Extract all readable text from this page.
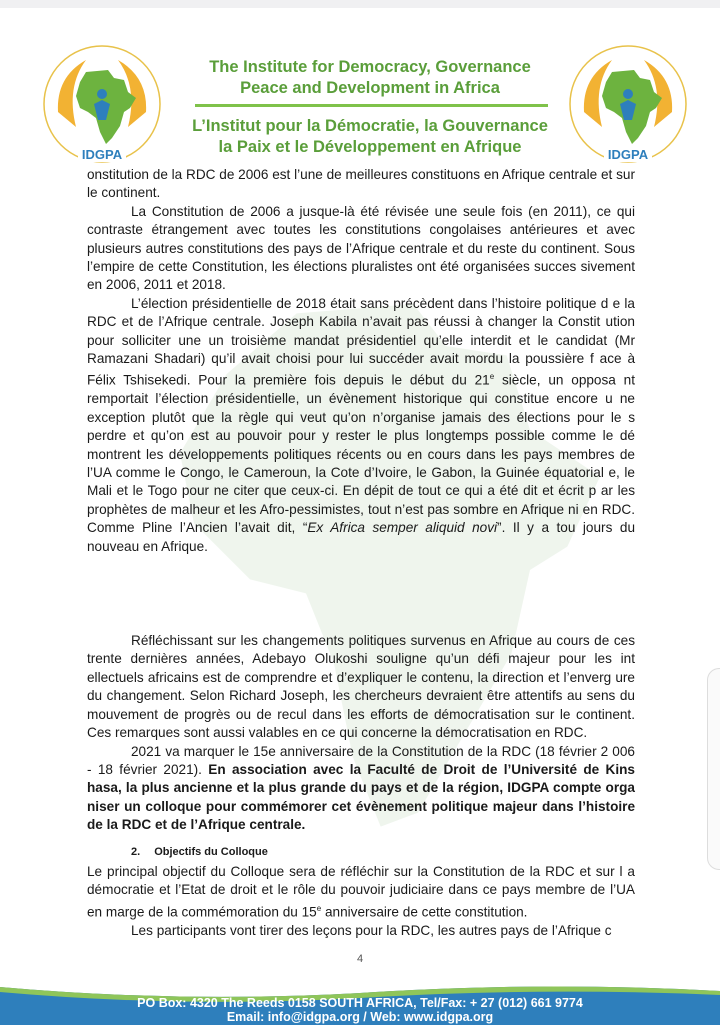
IDGPA	IDGPA
The Institute for Democracy, Governance
Peace and Development in Africa
L’Institut pour la Démocratie, la Gouvernance
la Paix et le Développement en Afrique

onstitution de la RDC de 2006 est l’une de meilleures constituons en Afrique centrale et sur le continent.

La Constitution de 2006 a jusque-là été révisée une seule fois (en 2011), ce qui contraste étrangement avec toutes les constitutions congolaises antérieures et avec plusieurs autres constitutions des pays de l’Afrique centrale et du reste du continent. Sous l’empire de cette Constitution, les élections pluralistes ont été organisées succes sivement en 2006, 2011 et 2018.

L’élection présidentielle de 2018 était sans précèdent dans l’histoire politique d e la RDC et de l’Afrique centrale. Joseph Kabila n’avait pas réussi à changer la Constit ution pour solliciter une un troisième mandat présidentiel qu’elle interdit et le candidat (Mr Ramazani Shadari) qu’il avait choisi pour lui succéder avait mordu la poussière f ace à Félix Tshisekedi. Pour la première fois depuis le début du 21e siècle, un opposa nt remportait l’élection présidentielle, un évènement historique qui constitue encore u ne exception plutôt que la règle qui veut qu’on n’organise jamais des élections pour le s perdre et qu’on est au pouvoir pour y rester le plus longtemps possible comme le dé montrent les développements politiques récents ou en cours dans les pays membres de l’UA comme le Congo, le Cameroun, la Cote d’Ivoire, le Gabon, la Guinée équatorial e, le Mali et le Togo pour ne citer que ceux-ci. En dépit de tout ce qui a été dit et écrit p ar les prophètes de malheur et les Afro-pessimistes, tout n’est pas sombre en Afrique ni en RDC. Comme Pline l’Ancien l’avait dit, “Ex Africa semper aliquid novi”. Il y a tou jours du nouveau en Afrique.

Réfléchissant sur les changements politiques survenus en Afrique au cours de ces trente dernières années, Adebayo Olukoshi souligne qu’un défi majeur pour les int ellectuels africains est de comprendre et d’expliquer le contenu, la direction et l’enverg ure du changement. Selon Richard Joseph, les chercheurs devraient être attentifs au sens du mouvement de progrès ou de recul dans les efforts de démocratisation sur le continent. Ces remarques sont aussi valables en ce qui concerne la démocratisation en RDC.

2021 va marquer le 15e anniversaire de la Constitution de la RDC (18 février 2 006 - 18 février 2021). En association avec la Faculté de Droit de l’Université de Kins hasa, la plus ancienne et la plus grande du pays et de la région, IDGPA compte orga niser un colloque pour commémorer cet évènement politique majeur dans l’histoire de la RDC et de l’Afrique centrale.

2. Objectifs du Colloque

Le principal objectif du Colloque sera de réfléchir sur la Constitution de la RDC et sur l a démocratie et l’Etat de droit et le rôle du pouvoir judiciaire dans ce pays membre de l’UA en marge de la commémoration du 15e anniversaire de cette constitution.

Les participants vont tirer des leçons pour la RDC, les autres pays de l’Afrique c

4
PO Box: 4320 The Reeds 0158 SOUTH AFRICA, Tel/Fax: + 27 (012) 661 9774
Email: info@idgpa.org / Web: www.idgpa.org
